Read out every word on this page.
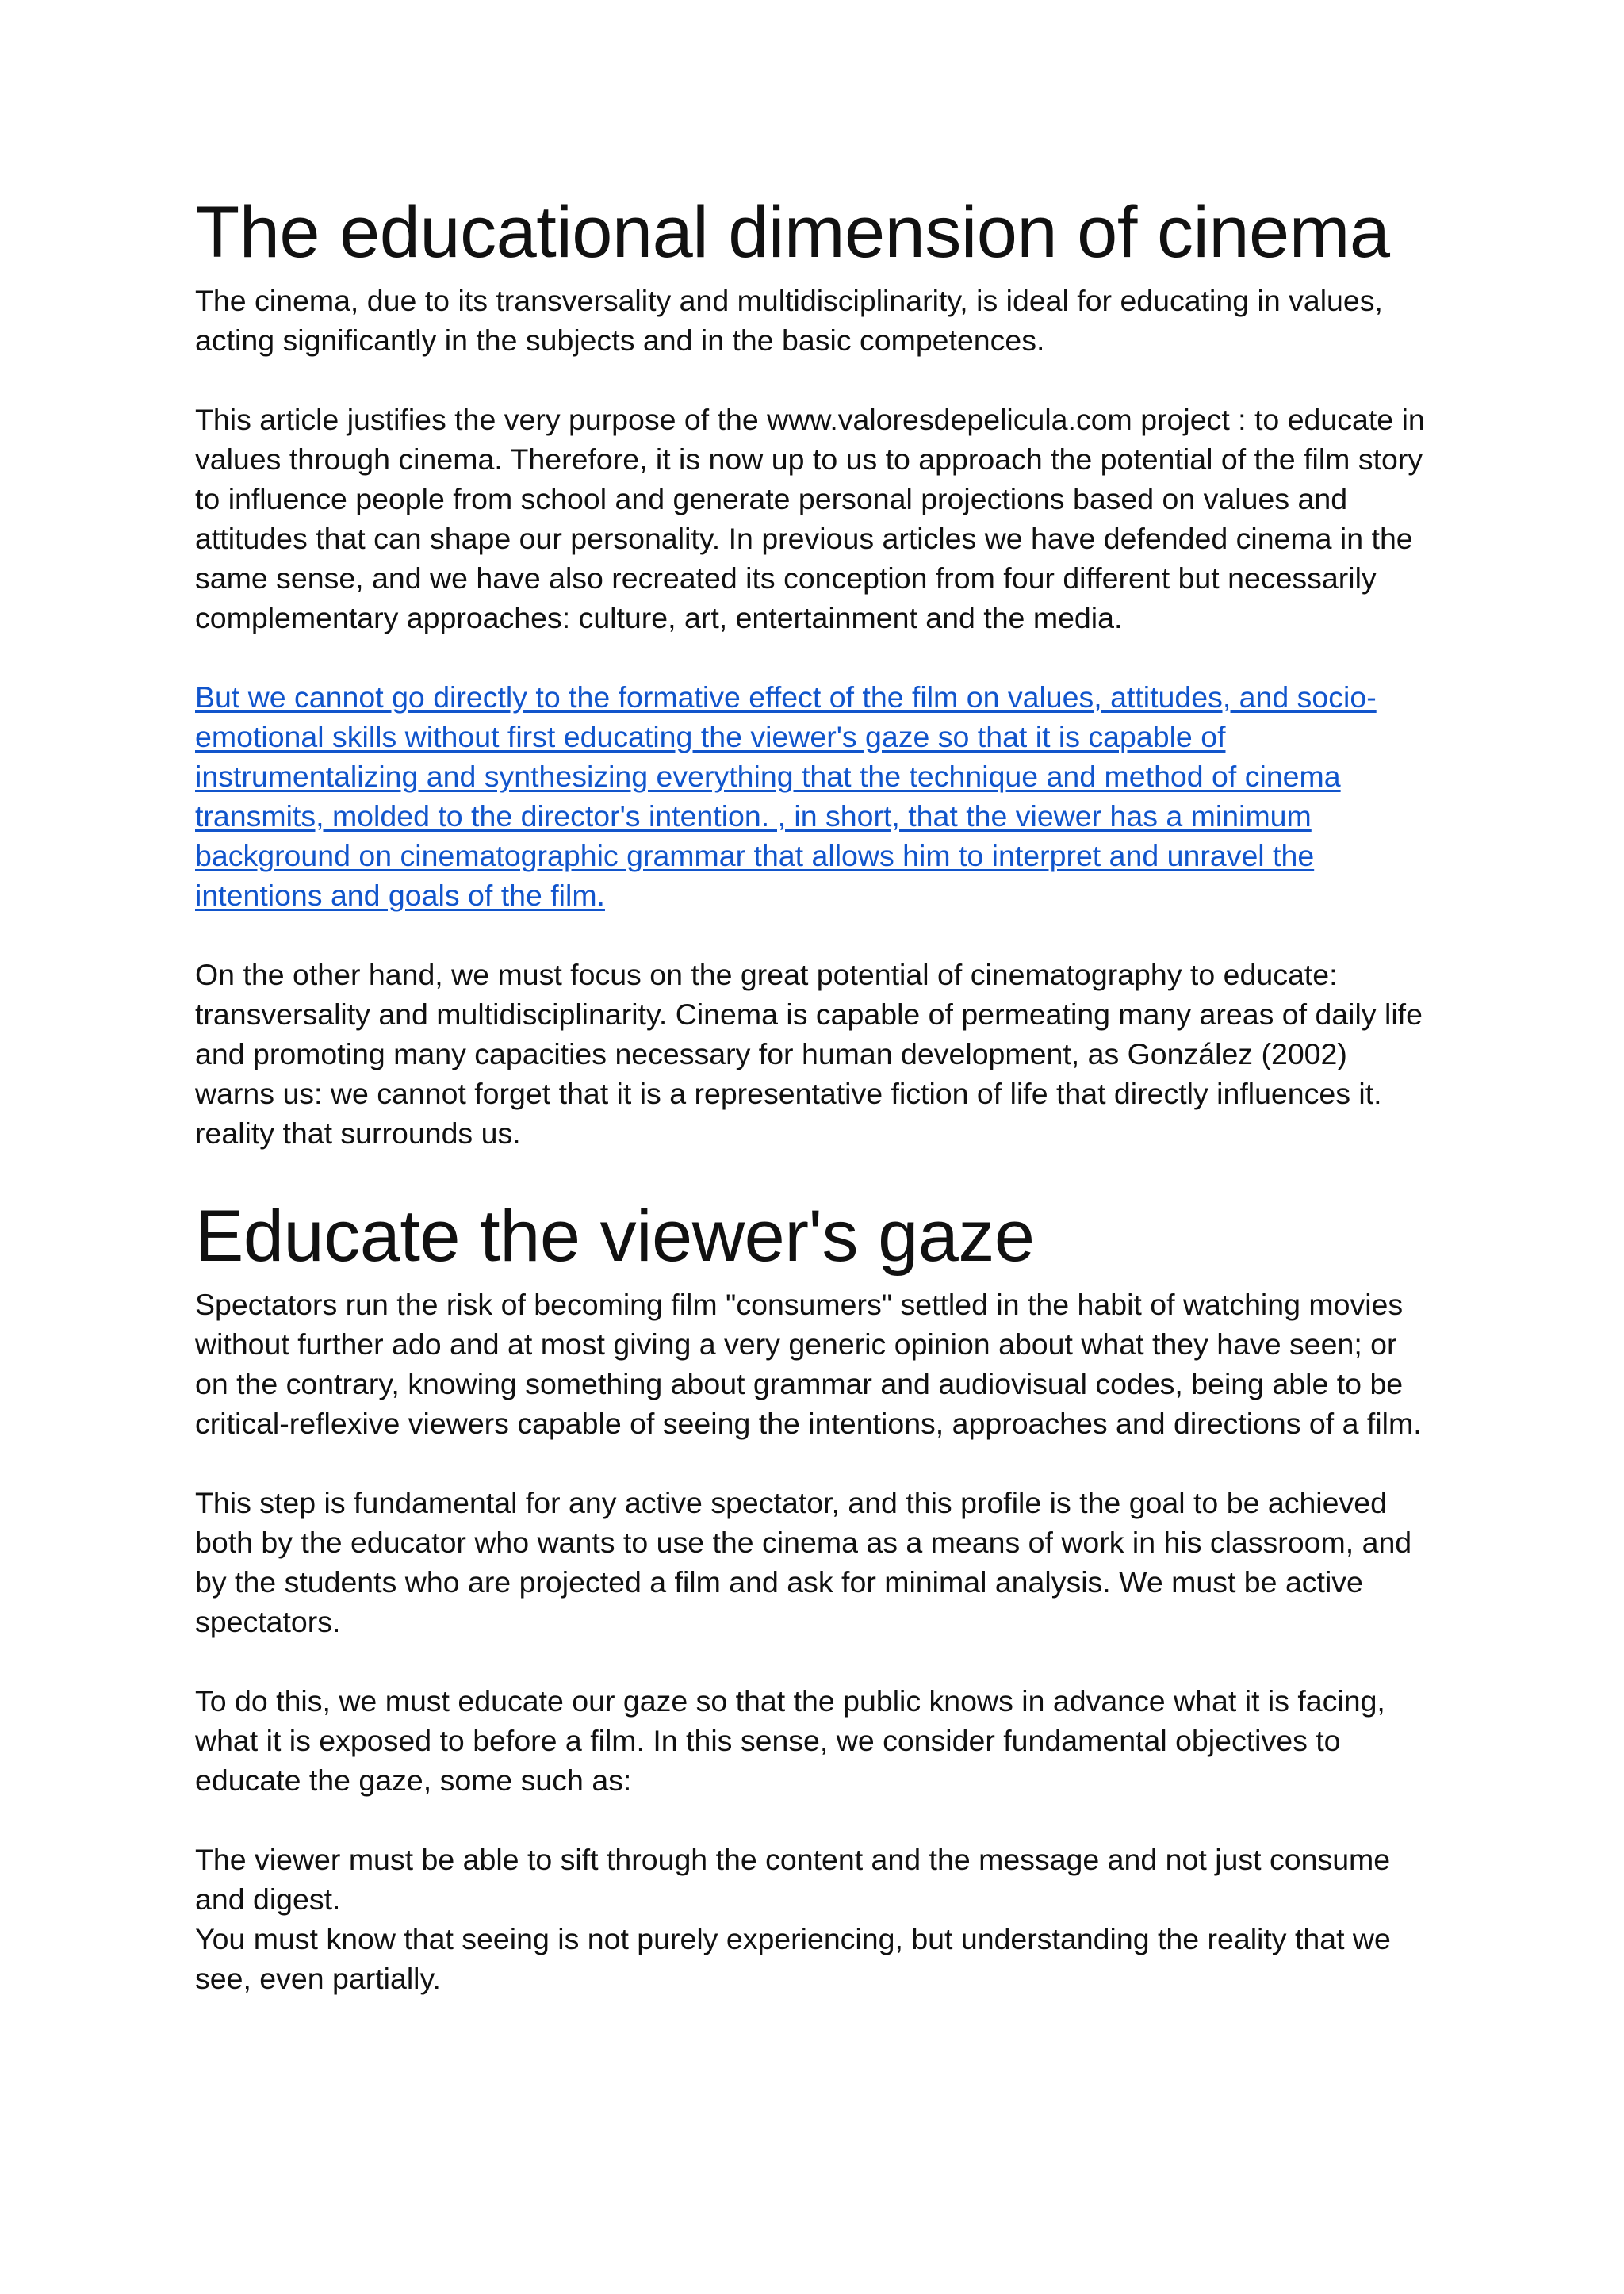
The educational dimension of cinema

The cinema, due to its transversality and multidisciplinarity, is ideal for educating in values, acting significantly in the subjects and in the basic competences.

This article justifies the very purpose of the www.valoresdepelicula.com project : to educate in values through cinema. Therefore, it is now up to us to approach the potential of the film story to influence people from school and generate personal projections based on values and attitudes that can shape our personality. In previous articles we have defended cinema in the same sense, and we have also recreated its conception from four different but necessarily complementary approaches: culture, art, entertainment and the media.

But we cannot go directly to the formative effect of the film on values, attitudes, and socio-emotional skills without first educating the viewer's gaze so that it is capable of instrumentalizing and synthesizing everything that the technique and method of cinema transmits, molded to the director's intention. , in short, that the viewer has a minimum background on cinematographic grammar that allows him to interpret and unravel the intentions and goals of the film.

On the other hand, we must focus on the great potential of cinematography to educate: transversality and multidisciplinarity. Cinema is capable of permeating many areas of daily life and promoting many capacities necessary for human development, as González (2002) warns us: we cannot forget that it is a representative fiction of life that directly influences it. reality that surrounds us.

Educate the viewer's gaze

Spectators run the risk of becoming film "consumers" settled in the habit of watching movies without further ado and at most giving a very generic opinion about what they have seen; or on the contrary, knowing something about grammar and audiovisual codes, being able to be critical-reflexive viewers capable of seeing the intentions, approaches and directions of a film.

This step is fundamental for any active spectator, and this profile is the goal to be achieved both by the educator who wants to use the cinema as a means of work in his classroom, and by the students who are projected a film and ask for minimal analysis. We must be active spectators.

To do this, we must educate our gaze so that the public knows in advance what it is facing, what it is exposed to before a film. In this sense, we consider fundamental objectives to educate the gaze, some such as:

The viewer must be able to sift through the content and the message and not just consume and digest.

You must know that seeing is not purely experiencing, but understanding the reality that we see, even partially.
